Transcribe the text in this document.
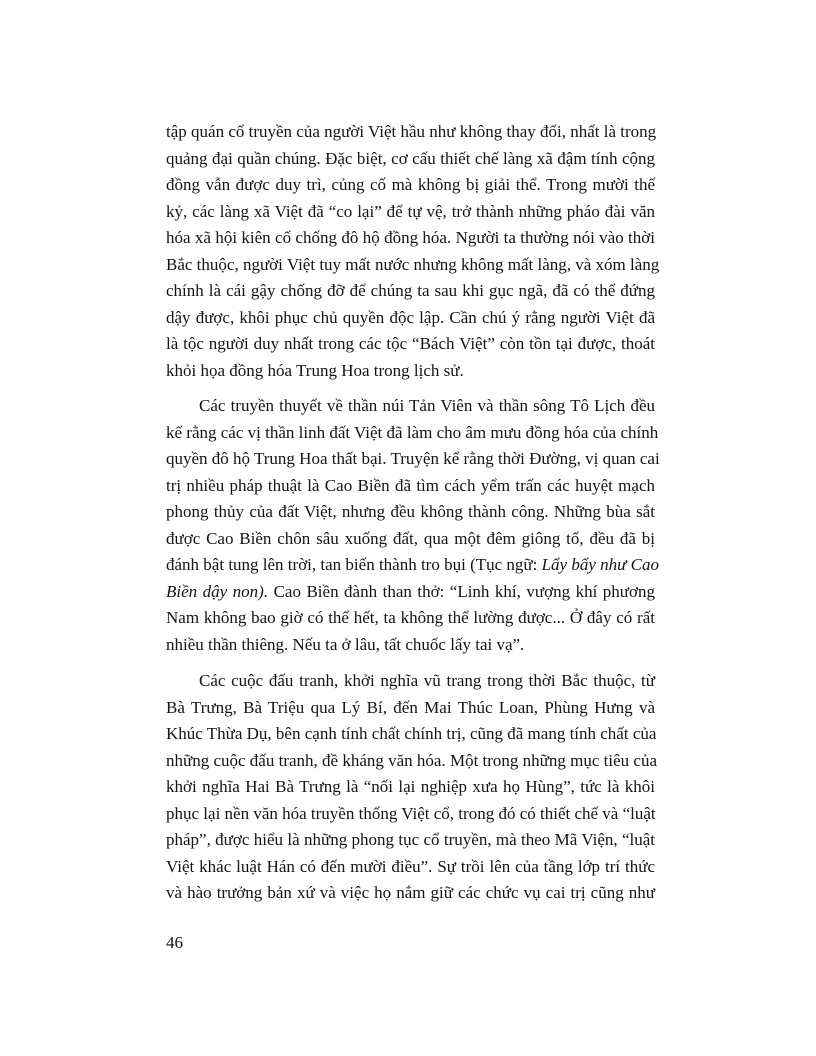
tập quán cổ truyền của người Việt hầu như không thay đổi, nhất là trong
quảng đại quần chúng. Đặc biệt, cơ cấu thiết chế làng xã đậm tính cộng
đồng vẫn được duy trì, củng cố mà không bị giải thể. Trong mười thế
kỷ, các làng xã Việt đã “co lại” để tự vệ, trở thành những pháo đài văn
hóa xã hội kiên cố chống đô hộ đồng hóa. Người ta thường nói vào thời
Bắc thuộc, người Việt tuy mất nước nhưng không mất làng, và xóm làng
chính là cái gậy chống đỡ để chúng ta sau khi gục ngã, đã có thể đứng
dậy được, khôi phục chủ quyền độc lập. Cần chú ý rằng người Việt đã
là tộc người duy nhất trong các tộc “Bách Việt” còn tồn tại được, thoát
khỏi họa đồng hóa Trung Hoa trong lịch sử.
Các truyền thuyết về thần núi Tản Viên và thần sông Tô Lịch đều
kể rằng các vị thần linh đất Việt đã làm cho âm mưu đồng hóa của chính
quyền đô hộ Trung Hoa thất bại. Truyện kể rằng thời Đường, vị quan cai
trị nhiều pháp thuật là Cao Biền đã tìm cách yểm trấn các huyệt mạch
phong thủy của đất Việt, nhưng đều không thành công. Những bùa sắt
được Cao Biền chôn sâu xuống đất, qua một đêm giông tố, đều đã bị
đánh bật tung lên trời, tan biến thành tro bụi (Tục ngữ: Lẩy bẩy như Cao
Biền dậy non). Cao Biền đành than thở: “Linh khí, vượng khí phương
Nam không bao giờ có thể hết, ta không thể lường được... Ở đây có rất
nhiều thần thiêng. Nếu ta ở lâu, tất chuốc lấy tai vạ”.
Các cuộc đấu tranh, khởi nghĩa vũ trang trong thời Bắc thuộc, từ
Bà Trưng, Bà Triệu qua Lý Bí, đến Mai Thúc Loan, Phùng Hưng và
Khúc Thừa Dụ, bên cạnh tính chất chính trị, cũng đã mang tính chất của
những cuộc đấu tranh, đề kháng văn hóa. Một trong những mục tiêu của
khởi nghĩa Hai Bà Trưng là “nối lại nghiệp xưa họ Hùng”, tức là khôi
phục lại nền văn hóa truyền thống Việt cổ, trong đó có thiết chế và “luật
pháp”, được hiểu là những phong tục cổ truyền, mà theo Mã Viện, “luật
Việt khác luật Hán có đến mười điều”. Sự trồi lên của tầng lớp trí thức
và hào trưởng bản xứ và việc họ nắm giữ các chức vụ cai trị cũng như
46
